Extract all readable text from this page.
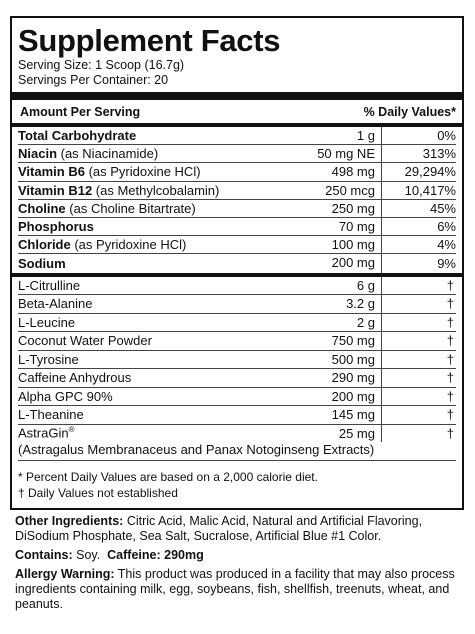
Supplement Facts
Serving Size: 1 Scoop (16.7g)
Servings Per Container: 20
Amount Per Serving	% Daily Values*
Total Carbohydrate	1 g	0%
Niacin (as Niacinamide)	50 mg NE	313%
Vitamin B6 (as Pyridoxine HCl)	498 mg	29,294%
Vitamin B12 (as Methylcobalamin)	250 mcg	10,417%
Choline (as Choline Bitartrate)	250 mg	45%
Phosphorus	70 mg	6%
Chloride (as Pyridoxine HCl)	100 mg	4%
Sodium	200 mg	9%
L-Citrulline	6 g	†
Beta-Alanine	3.2 g	†
L-Leucine	2 g	†
Coconut Water Powder	750 mg	†
L-Tyrosine	500 mg	†
Caffeine Anhydrous	290 mg	†
Alpha GPC 90%	200 mg	†
L-Theanine	145 mg	†
AstraGin®	25 mg	†
(Astragalus Membranaceus and Panax Notoginseng Extracts)
* Percent Daily Values are based on a 2,000 calorie diet.
† Daily Values not established

Other Ingredients: Citric Acid, Malic Acid, Natural and Artificial Flavoring, DiSodium Phosphate, Sea Salt, Sucralose, Artificial Blue #1 Color.

Contains: Soy. Caffeine: 290mg

Allergy Warning: This product was produced in a facility that may also process ingredients containing milk, egg, soybeans, fish, shellfish, treenuts, wheat, and peanuts.
